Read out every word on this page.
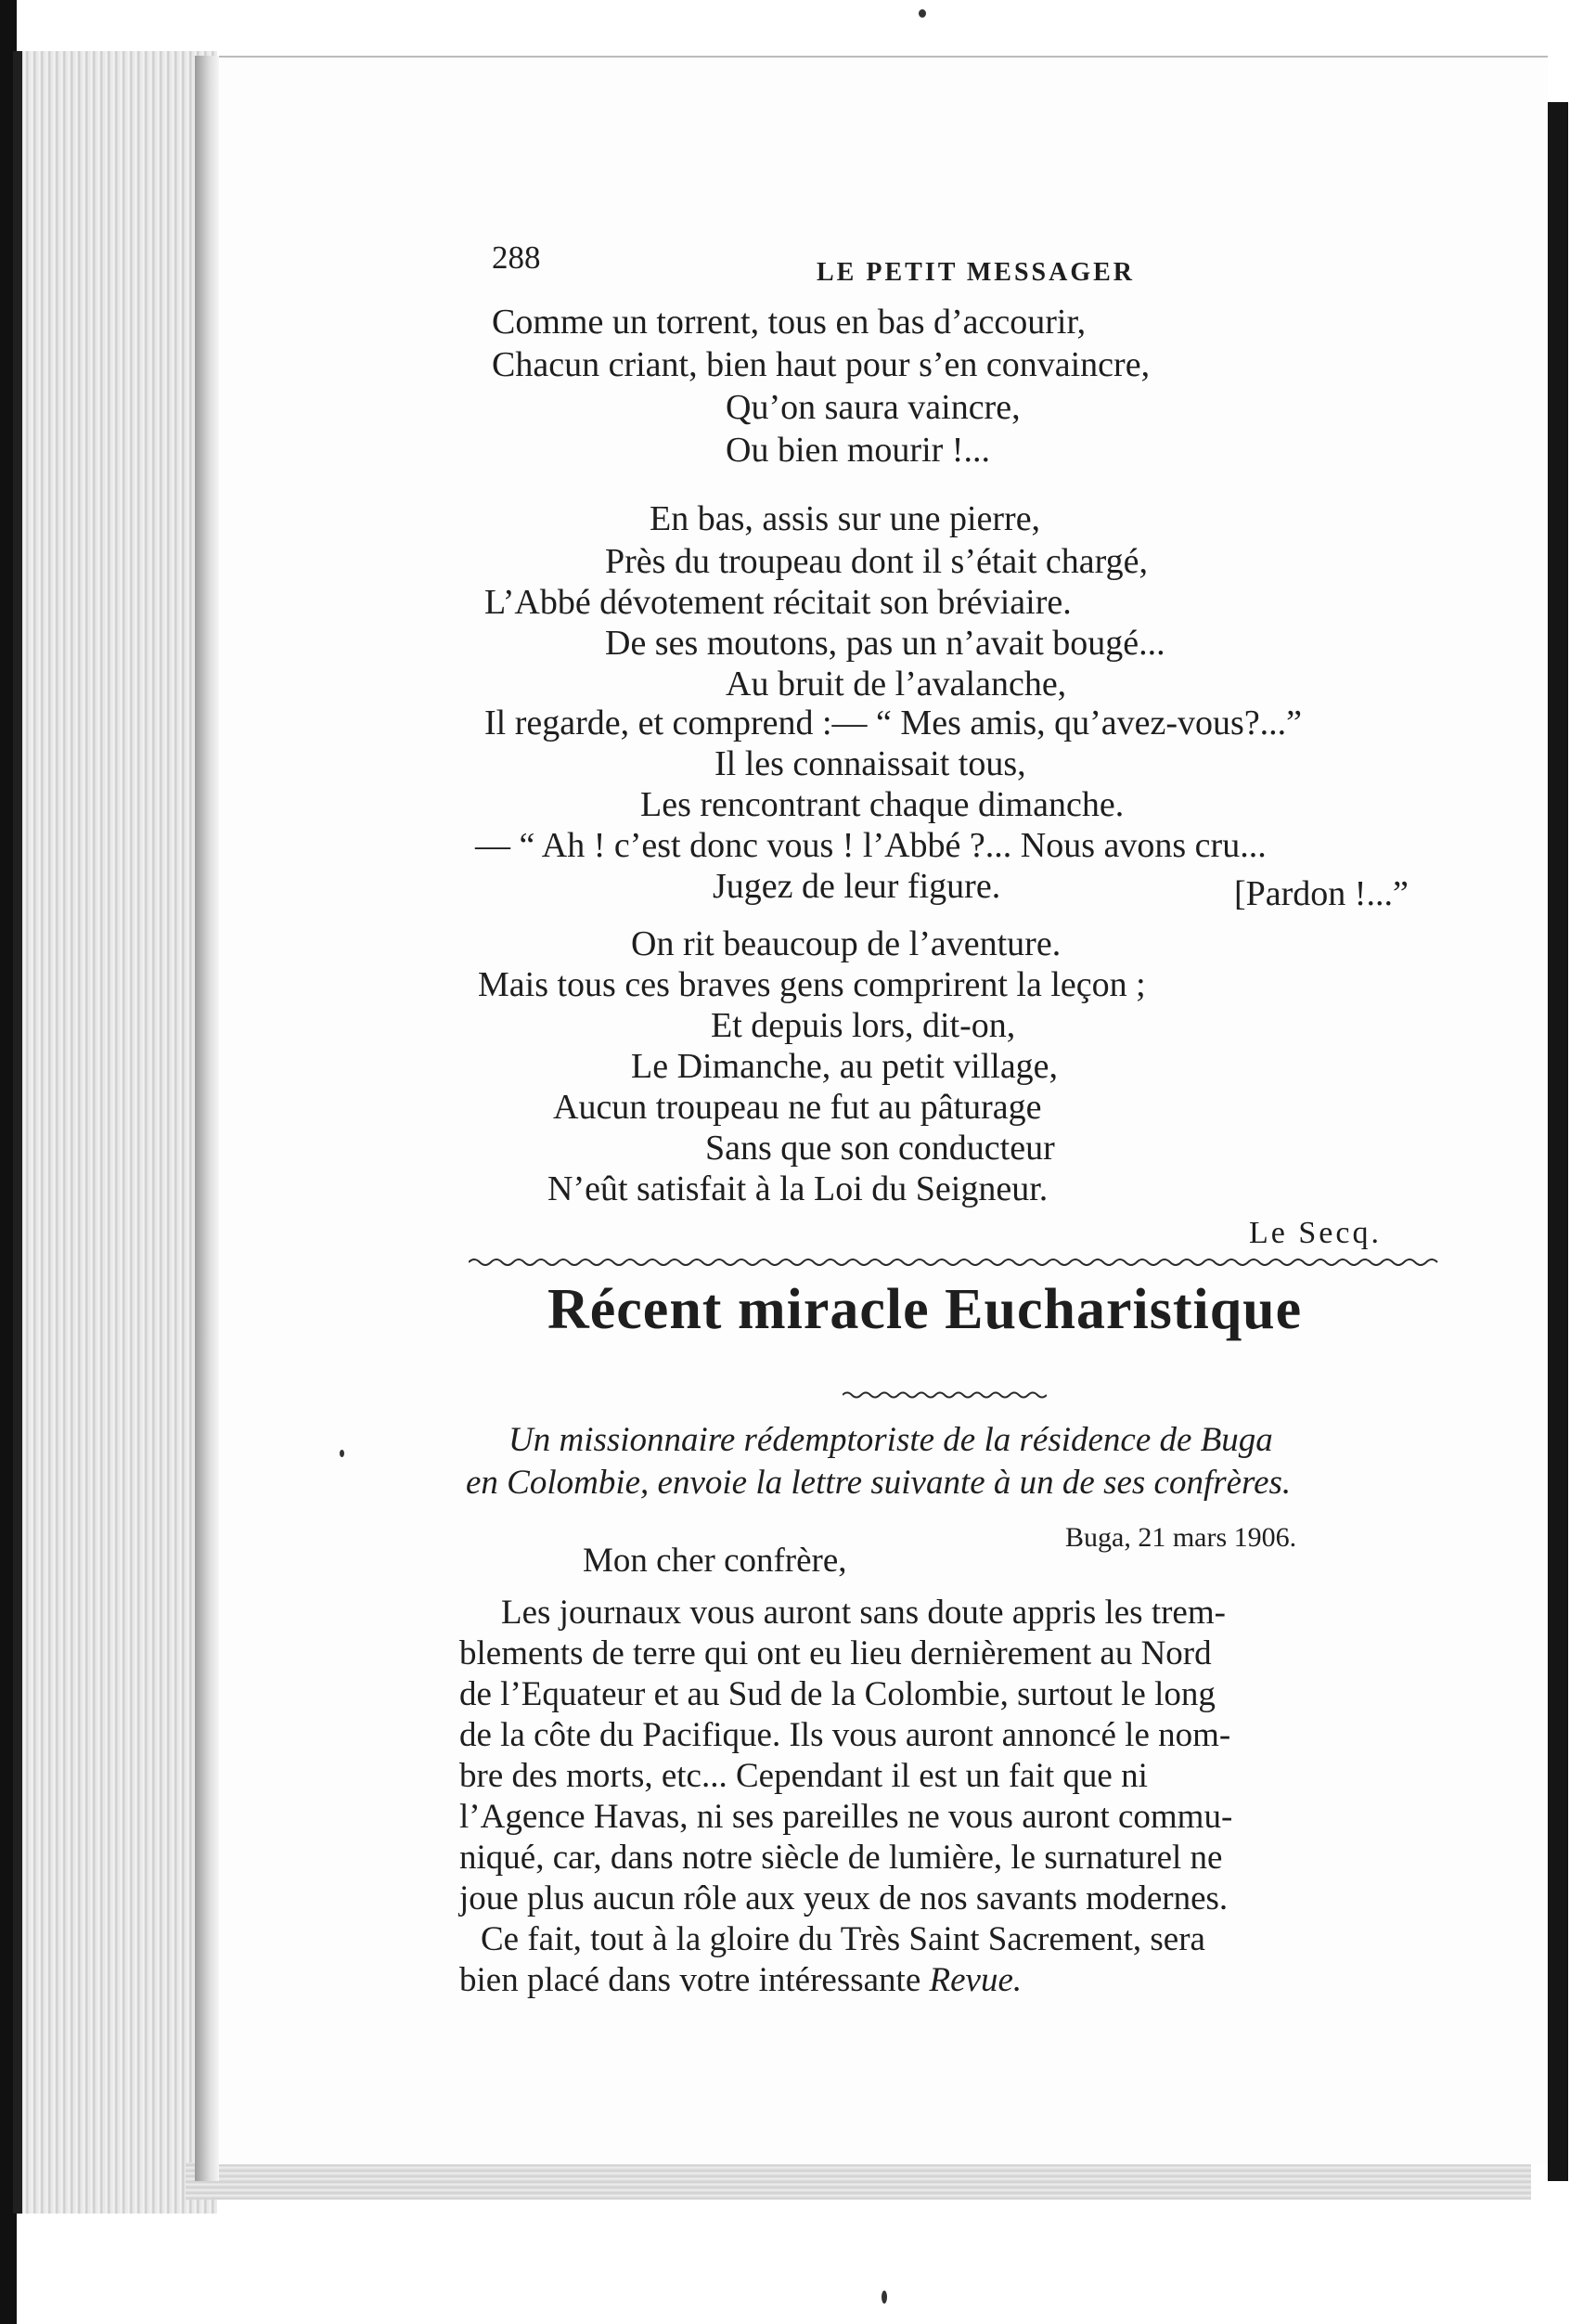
288	LE PETIT MESSAGER
Comme un torrent, tous en bas d’accourir,
Chacun criant, bien haut pour s’en convaincre,
Qu’on saura vaincre,
Ou bien mourir !...
En bas, assis sur une pierre,
Près du troupeau dont il s’était chargé,
L’Abbé dévotement récitait son bréviaire.
De ses moutons, pas un n’avait bougé...
Au bruit de l’avalanche,
Il regarde, et comprend :— “ Mes amis, qu’avez-vous?...”
Il les connaissait tous,
Les rencontrant chaque dimanche.
— “ Ah ! c’est donc vous ! l’Abbé ?... Nous avons cru...
Jugez de leur figure.	[Pardon !...”
On rit beaucoup de l’aventure.
Mais tous ces braves gens comprirent la leçon ;
Et depuis lors, dit-on,
Le Dimanche, au petit village,
Aucun troupeau ne fut au pâturage
Sans que son conducteur
N’eût satisfait à la Loi du Seigneur.
Le Secq.
Récent miracle Eucharistique
Un missionnaire rédemptoriste de la résidence de Buga
en Colombie, envoie la lettre suivante à un de ses confrères.
Buga, 21 mars 1906.
Mon cher confrère,
Les journaux vous auront sans doute appris les trem-
blements de terre qui ont eu lieu dernièrement au Nord
de l’Equateur et au Sud de la Colombie, surtout le long
de la côte du Pacifique. Ils vous auront annoncé le nom-
bre des morts, etc... Cependant il est un fait que ni
l’Agence Havas, ni ses pareilles ne vous auront commu-
niqué, car, dans notre siècle de lumière, le surnaturel ne
joue plus aucun rôle aux yeux de nos savants modernes.
Ce fait, tout à la gloire du Très Saint Sacrement, sera
bien placé dans votre intéressante Revue.
